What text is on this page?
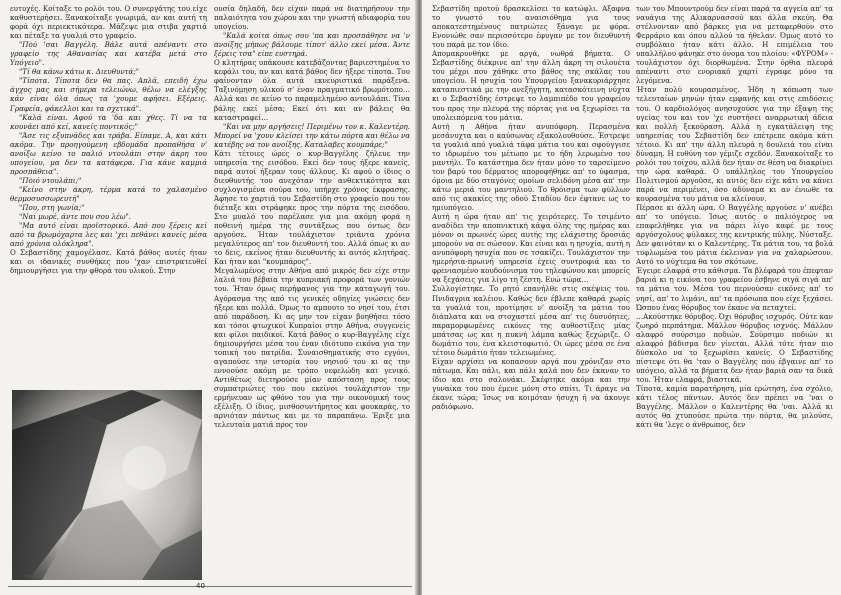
ευτυχές. Κοίταξε το ρολόι του. Ο συνεργάτης του είχε καθυστερήσει. Ξανακοίταξε γνωριμά, αν και αυτή τη φορά όχι περιεκτικότερα. Μάζεψε μια στιβα χαρτιά και πέταξε τα γυαλιά στο γραφείο.

"Πού 'σαι Βαγγέλη. Βάλε αυτά απέναντι στο γραφείο της Αθανασίας και κατέβα μετά στο Υπόγειο".

"Τί θα κάνω κάτω κ. Διευθυντά;"

"Τίποτα. Τίποτα δεν θα πας. Απλά, επειδή έχω άγχος μας και σήμερα τελειώνω, θέλω να ελέγξης κάν είναι όλα όπως τα 'χουμε αφήσει. Εξέρεις. Γραφεία, φάκελλοι και τα σχετικά".

"Καλά είναι. Αφού τα 'δα και χθες. Τί να τα κουνάει από κεί, κανείς ποντικός;"

"Άσε τις εξυπνάδες και τράβα. Είπαμε. Α, και κάτι ακόμα. Την προηγούμενη εβδομάδα προπαθήσα ν' ανοίξω κείνο το παλιό ντουλάπι στην άκρη του υπογείου, μα δεν τα κατάφερα. Για κάνε καμμιά προσπάθεια".

"Ποιό ντουλάπι;"

"Κείνο στην άκρη, τέρμα κατά το χαλασμένο θερμοσυσσωρευτή"

"Που, στη γωνία;"

"Ναι μωρέ, άντε που σου λέω".

"Μα αυτό είναι προϊστορικό. Από που ξέρεις κεί από τα βρωμόχαρτα λες και 'χει πεθάνει κανείς μέσα από χρόνια ολόκληρα".

Ο Σεβαστίδης χαμογέλασε. Κατά βάθος αυτές ήταν και οι ιδανικές συνθήκες που 'χαν επιστρατευθεί δημιουργήσει για την φθορά του υλικού. Στην

ουσία δηλαδή, δεν είχαν παρά να διατηρήσουν την παλαιότητα του χώρου και την γνωστή αδιαφορία του υπογείου.

"Καλά κοίτα όπως σου 'πα και προσπάθησε να 'ν ανοίξης μήπως βάλουμε τίποτ' άλλο εκεί μέσα. Άντε ξέρεις τσα" είπε ευστηρά.

Ο κλητήρας υπάκουσε κατεβάζοντας βαριεστημένα το κεφάλι του, αν και κατά βάθος δεν ήξερε τίποτα. Του φαίνονταν όλα αυτά εκνευριστικά παράξενα. Ταξινόμηση υλικού σ' έναν πραγματικό βρωμότοπο… Αλλά και σε κείνο το παραμελημένο αντουλάπι. Τίνα βάλης εκεί μέσα; Εκεί ότι και αν βάλεις θα καταστραφεί…

"Και να μην αργήσεις! Περιμένω τον κ. Καλεντέρη. Μπορεί να 'χουν κλείσει την κάτω πόρτα και θέλω να κατέβης να τον ανοίξης. Καταλαβες κουμπάρε;"

Κάτι τέτοιες ώρες ο κυρ-Βαγγέλης ζήλευε την υπηρεσία της εισόδου. Εκεί δεν τους ήξερε κανείς, παρά αυτοί ήξεραν τους άλλους. Κι αφού ο ίδιος ο διευθυντής του ανεχόταν την ανθεκτικότητα και συχλογισμένα σούρα του, υπήρχε χρόνος έκφρασης. Άφησε το χαρτιά του Σεβαστίδη στο γραφείο που τον διέταξε και στράφηκε προς την πόρτα της εισόδου. Στο μυαλό του παρέλασε για μια ακόμη φορά η ποθεινή ημέρα της συντάξεως που όντως δεν αργούσε. Ήταν τουλάχιστον τριάντα χρόνια μεγαλύτερος απ' τον διευθυντή του. Αλλά όπως κι αν το δεις, εκείνος ήταν διευθυντής κι αυτός κλητήρας. Και ήταν και "κουμπάρος".

Μεγαλωμένος στην Αθήνα από μικρός δεν είχε στην λαλιά του βέβαια την κυπριακή προφορά των γονιών του. Ήταν όμως περήφανος για την καταγωγή του. Αγόρασμα της από τις γενικές οδηγίες γνώσεις δεν ήξερε και πολλά. Όμως το αμπουτο το νησί του, έτσι από παράδοση. Κι ας μην τον είχαν βοηθήσει τόσο και τόσοι φτωχικοί Κυπραίοι στην Αθήνα, συγγενείς και φίλοι παιδικοί. Κατά βάθος ο κυρ-Βαγγέλης είχε δημιουργήσει μέσα του έναν ιδιότυπο εικόνα για την τοπική του πατρίδα. Συναισθηματικής στο εγγόνι, αγαπούσε την ιστορία του νησιού του κι ας την εννοούσε ακόμη με τρόπο νεφελώδη και γενικό. Αντιθέτως διετηρούσε μίαν απόσταση προς τους συμπατριώτες του που εκείνοι τουλάχιστον την ερμήνευαν ως φθόνο του για την οικονομική τους εξέλιξη. Ο ίδιος, μισθοσυντήρητος και φουκαράς, το αρνιόταν πάντως και με το παραπάνω. Έριξε μια τελευταία ματιά προς τον

40

Σεβαστίδη προτού δρασκελίσει το κατώφλι. Αξαφνα το γνωστό του αναισιόθημα για τους αποκατεστημένους πατριώτες ξάναγε με φόρα. Ενονιώθε σαν περισσότερο έφυγαν με τον διευθυντή του παρά με τον ίδιο.

Απομακρυνθήκε με αργά, νωθρά βήματα. Ο Σεβαστίδης διέκρινε απ' την άλλη άκρη τη σιλουέτα του μέχρι που χάθηκε στο βάθος της σκάλας του υπογείου. Η ησυχία του Υπουργείου ξανακυριάρχησε καταπιεστικά με την ανεξήγητη, κατασκότεινη νύχτα κι ο Σεβαστίδης έστρεψε το λαμπιπέδο του γραφείου του προς την πλευρά της πόρτας για να ξεχωρίσει τα υπολειπόμενα του μάτια.

Αυτή η Αθήνα ήταν ανυπόφορη. Περασμένα μεσάνυχτα και ο καύσωνας εξακολουθούσε. Έστρεψε τα γυαλιά από γυαλιά τάφα μάτια του και σφούγγισε το ιδρωμένο του μέτωπο με το ήδη λερωμένο του μαντήλι. Το κατάστημα δεν ήταν μόνο το ταρσείμενο τον βαρύ του δέρματος αποροφήθηκε απ' το ύφασμα, όμοια με δύο σταγόνες ομοίων σελιδόνη μέσα απ' την κάτω μεριά του μαντηλιού. Το θρόισμα των φύλλων από τις ακακίες της οδού Σταδίου δεν έφτανε ως το ημιυπόγειο.

Αυτή η ώρα ήταν απ' τις χειρότερες. Το τσιμέντο αναδίδει την αποπνικτική κάψα όλης της ημέρας και μόνον οι πρωινές ώρες αυτής της ελάχιστης δροσιάς μπορούν να σε σώσουν. Και είναι και η ησυχία, αυτή η ανυπόφορη ησυχία που σε τσακίζει. Τουλάχιστον την ημερήσια-πρωινή υπηρεσία έχεις συντροφιά και το φρενιασμένο κουδούνισμα του τηλεφώνου και μπορείς να ξεχάσεις για λίγο τη ζέστη. Ενώ τώρα…

Συλλογίστηκε. Το ρητό επανήλθε στις σκέψεις του. Πνιδαγρια καλέιου. Καθώς δεν έβλεπε καθαρά χωρίς τα γυαλιά του, προτίμησε ν' ανοίξη τα μάτια του διάπλατα και να στοχαστεί μέσα απ' τις δυσνόητες, παραμορφωμένες εικόνες της αυθοστίξεις μίας μπάτσας ως και η πυκνή λάμπα καθώς ξεχώριζε. Ο δωμάτιο του, ένα κλειστοφωτιό. Οι ώρες μέσα σε ένα τέτοιο δωμάτιο ήταν τελειωμένες.

Είχαν αρχίσει να κοπασουν αργά που χρόνιζαν στο πάτωμα. Και πάλι, και πάλι καλά που δεν έκαναν το ίδιο και στο σαλονάκι. Σκέφτηκε ακόμα και την γυναίκα του που έμενε μόνη στο σπίτι. Τι άραγε να έκανε τώρα; Ίσως να κοιμόταν ήσυχη ή να άκουγε ραδιόφωνο.

των του Μπουντρούμ δεν είναι παρά τα αγγεία απ' τα ναυάγια της Αλικαρνασσού και άλλα σκεύη. Θα στέλνονταν από βάρκες για να μεταφερθούν στο Φερράριο και όπου αλλού τα ήθελαν. Όμως αυτό το συμβόλαιο ήταν κάτι άλλο. Η επιμέλεια του υπαλλήλου φάνηκε στο όνομα του πλοίου: «ΦΥΡΟΜ» - τουλάχιστον όχι διορθωμένα. Στην όρθια πλευρά απέναντι στο ενοριακό χαρτί έγραφε μόνο τα λεγόμενα.

Ήταν πολύ κουρασμένος. Ήδη η κόπωση των τελευταίων μηνών ήταν εμφανής και στις επιδόσεις του. Ο καρδιολόγος ανησυχούσε για την έξαψη της υγείας του και τον 'χε συστήσει αναρρωτική άδεια και πολλή ξεκούραση. Αλλά η εγκατάλειψη της υπηρεσίας του Σεβαστίδη δεν επέτρεπε ακόμα κάτι τέτοιο. Κι απ' την άλλη πλευρά η δουλειά του είναι δύναμη. Η ευθύνη τον γέμιζε σχεδόν. Ξανακοίταξε το ρολόι του τοίχου, αλλά δεν ήταν σε θέση να διακρίνει την ώρα καθαρά. Ο υπάλληλος του Υπουργείου Πολιτισμού αργούσε, κι αυτός δεν είχε κάτι να κάνει παρά να περιμένει, όσο αδύναμα κι αν ένιωθε τα κουρασμένα του μάτια να κλείνουν.

Πέρασε κι άλλη ώρα. Ο Βαγγέλης αργούσε ν' ανέβει απ' το υπόγειο. Ίσως αυτός ο παλιόγερος να επαφελήθηκε για να πάρει λίγο καφέ με τους αργόσχολους φύλακες της κεντρικής πύλης. Νύσταξε. Δεν φαινόταν κι ο Καλεντέρης. Τα μάτια του, τα βολά τυφλωμένα του μάτια έκλειναν για να χαλαρώσουν. Αυτό το νύχτεμα θα τον σκότωνε.

Έγειρε ελαφρά στο κάθισμα. Τα βλέφαρά του έπεφταν βαριά κι η εικόνα του γραφείου έσβηνε σιγά σιγά απ' τα μάτια του. Μέσα του περνούσαν εικόνες απ' το νησί, απ' το λιμάνι, απ' τα πρόσωπα που είχε ξεχάσει. Ώσπου ένας θόρυβος τον έκανε να πεταχτεί.

…Ακούστηκε θόρυβος. Όχι θόρυβος ισχυρός. Ούτε καν ζωηρό περπάτημα. Μάλλον θόρυβος ισχνός. Μάλλον αλαφρό σούρσιμο ποδιών. Σούρσιμο ποδιών κι αλαφρό βάδισμα δεν γίνεται. Αλλά τότε ήταν πιο δύσκολο να το ξεχωρίσει κανείς. Ο Σεβαστίδης πίστεψε ότι θα 'ταν ο Βαγγέλης που έβγαινε απ' το υπόγειο, αλλά τα βήματα δεν ήταν βαριά σαν τα δικά του. Ήταν ελαφρά, βιαστικά.

Τίποτα, καμία παρατήρηση, μία ερώτηση, ένα σχόλιο, κάτι τέλος πάντων. Αυτός δεν πρέπει να 'ναι ο Βαγγέλης. Μάλλον ο Καλεντέρης θα 'ναι. Αλλά κι αυτός θα χτυπούσε πρώτα την πόρτα, θα μιλούσε, κάτι θα 'λεγε ο άνθρωπος, δεν
